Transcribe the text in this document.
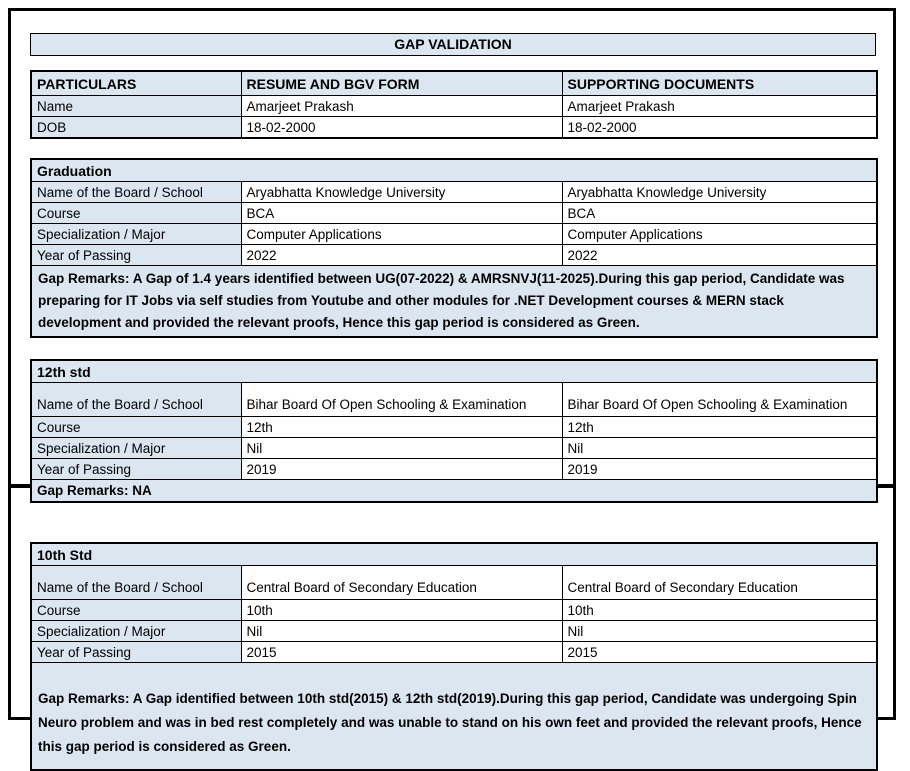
GAP VALIDATION
PARTICULARS	RESUME AND BGV FORM	SUPPORTING DOCUMENTS
Name	Amarjeet Prakash	Amarjeet Prakash
DOB	18-02-2000	18-02-2000
Graduation		
Name of the Board / School	Aryabhatta Knowledge University	Aryabhatta Knowledge University
Course	BCA	BCA
Specialization / Major	Computer Applications	Computer Applications
Year of Passing	2022	2022
Gap Remarks: A Gap of 1.4 years identified between UG(07-2022) & AMRSNVJ(11-2025).During this gap period, Candidate was preparing for IT Jobs via self studies from Youtube and other modules for .NET Development courses & MERN stack development and provided the relevant proofs, Hence this gap period is considered as Green.		
12th std		
Name of the Board / School	Bihar Board Of Open Schooling & Examination	Bihar Board Of Open Schooling & Examination
Course	12th	12th
Specialization / Major	Nil	Nil
Year of Passing	2019	2019
Gap Remarks: NA		
10th Std		
Name of the Board / School	Central Board of Secondary Education	Central Board of Secondary Education
Course	10th	10th
Specialization / Major	Nil	Nil
Year of Passing	2015	2015
Gap Remarks: A Gap identified between 10th std(2015) & 12th std(2019).During this gap period, Candidate was undergoing Spin Neuro problem and was in bed rest completely and was unable to stand on his own feet and provided the relevant proofs, Hence this gap period is considered as Green.		
